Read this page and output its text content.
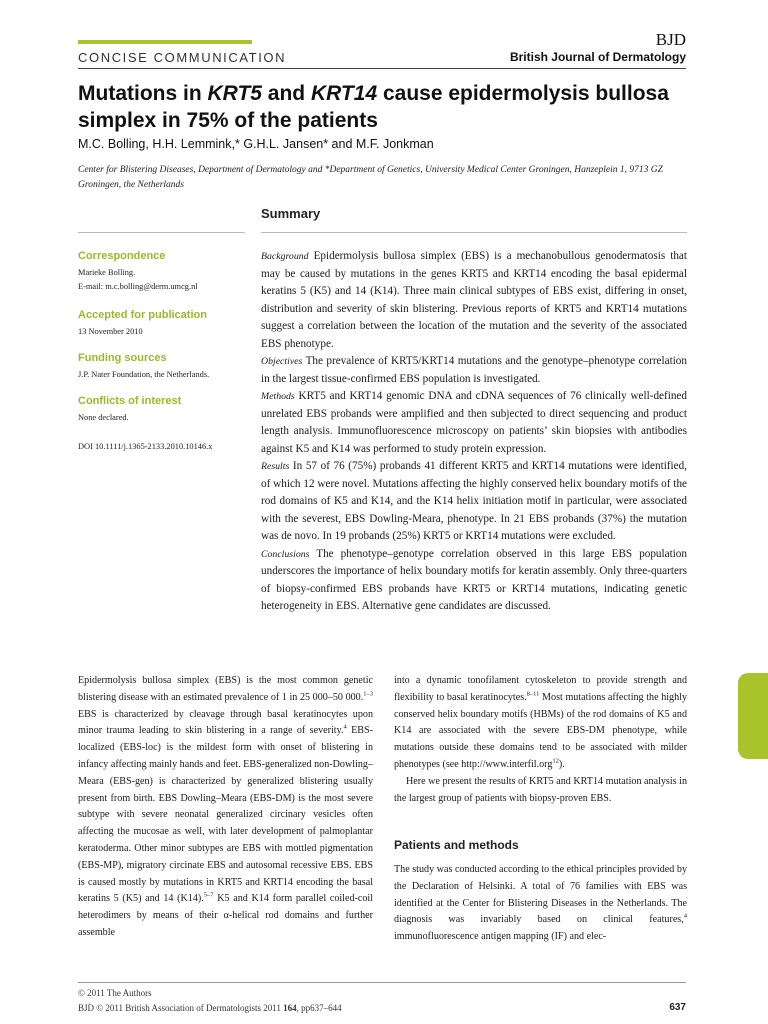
CONCISE COMMUNICATION
BJD
British Journal of Dermatology
Mutations in KRT5 and KRT14 cause epidermolysis bullosa
simplex in 75% of the patients
M.C. Bolling, H.H. Lemmink,* G.H.L. Jansen* and M.F. Jonkman
Center for Blistering Diseases, Department of Dermatology and *Department of Genetics, University Medical Center Groningen, Hanzeplein 1, 9713 GZ Groningen, the Netherlands
Summary
Correspondence
Marieke Bolling.
E-mail: m.c.bolling@derm.umcg.nl
Accepted for publication
13 November 2010
Funding sources
J.P. Nater Foundation, the Netherlands.
Conflicts of interest
None declared.
DOI 10.1111/j.1365-2133.2010.10146.x

Background Epidermolysis bullosa simplex (EBS) is a mechanobullous genodermatosis that may be caused by mutations in the genes KRT5 and KRT14 encoding the basal epidermal keratins 5 (K5) and 14 (K14). Three main clinical subtypes of EBS exist, differing in onset, distribution and severity of skin blistering. Previous reports of KRT5 and KRT14 mutations suggest a correlation between the location of the mutation and the severity of the associated EBS phenotype.

Objectives The prevalence of KRT5/KRT14 mutations and the genotype–phenotype correlation in the largest tissue-confirmed EBS population is investigated.

Methods KRT5 and KRT14 genomic DNA and cDNA sequences of 76 clinically well-defined unrelated EBS probands were amplified and then subjected to direct sequencing and product length analysis. Immunofluorescence microscopy on patients’ skin biopsies with antibodies against K5 and K14 was performed to study protein expression.

Results In 57 of 76 (75%) probands 41 different KRT5 and KRT14 mutations were identified, of which 12 were novel. Mutations affecting the highly conserved helix boundary motifs of the rod domains of K5 and K14, and the K14 helix initiation motif in particular, were associated with the severest, EBS Dowling-Meara, phenotype. In 21 EBS probands (37%) the mutation was de novo. In 19 probands (25%) KRT5 or KRT14 mutations were excluded.

Conclusions The phenotype–genotype correlation observed in this large EBS population underscores the importance of helix boundary motifs for keratin assembly. Only three-quarters of biopsy-confirmed EBS probands have KRT5 or KRT14 mutations, indicating genetic heterogeneity in EBS. Alternative gene candidates are discussed.

Epidermolysis bullosa simplex (EBS) is the most common genetic blistering disease with an estimated prevalence of 1 in 25 000–50 000.$^{1-3}$ EBS is characterized by cleavage through basal keratinocytes upon minor trauma leading to skin blistering in a range of severity.$^4$ EBS-localized (EBS-loc) is the mildest form with onset of blistering in infancy affecting mainly hands and feet. EBS-generalized non-Dowling–Meara (EBS-gen) is characterized by generalized blistering usually present from birth. EBS Dowling–Meara (EBS-DM) is the most severe subtype with severe neonatal generalized circinary vesicles often affecting the mucosae as well, with later development of palmoplantar keratoderma. Other minor subtypes are EBS with mottled pigmentation (EBS-MP), migratory circinate EBS and autosomal recessive EBS. EBS is caused mostly by mutations in KRT5 and KRT14 encoding the basal keratins 5 (K5) and 14 (K14).$^{5-7}$ K5 and K14 form parallel coiled-coil heterodimers by means of their α-helical rod domains and further assemble

into a dynamic tonofilament cytoskeleton to provide strength and flexibility to basal keratinocytes.$^{8-11}$ Most mutations affecting the highly conserved helix boundary motifs (HBMs) of the rod domains of K5 and K14 are associated with the severe EBS-DM phenotype, while mutations outside these domains tend to be associated with milder phenotypes (see http://www.interfil.org$^{12}$).

Here we present the results of KRT5 and KRT14 mutation analysis in the largest group of patients with biopsy-proven EBS.

Patients and methods

The study was conducted according to the ethical principles provided by the Declaration of Helsinki. A total of 76 families with EBS was identified at the Center for Blistering Diseases in the Netherlands. The diagnosis was invariably based on clinical features,$^4$ immunofluorescence antigen mapping (IF) and elec-

© 2011 The Authors
BJD © 2011 British Association of Dermatologists 2011 164, pp637–644	637
